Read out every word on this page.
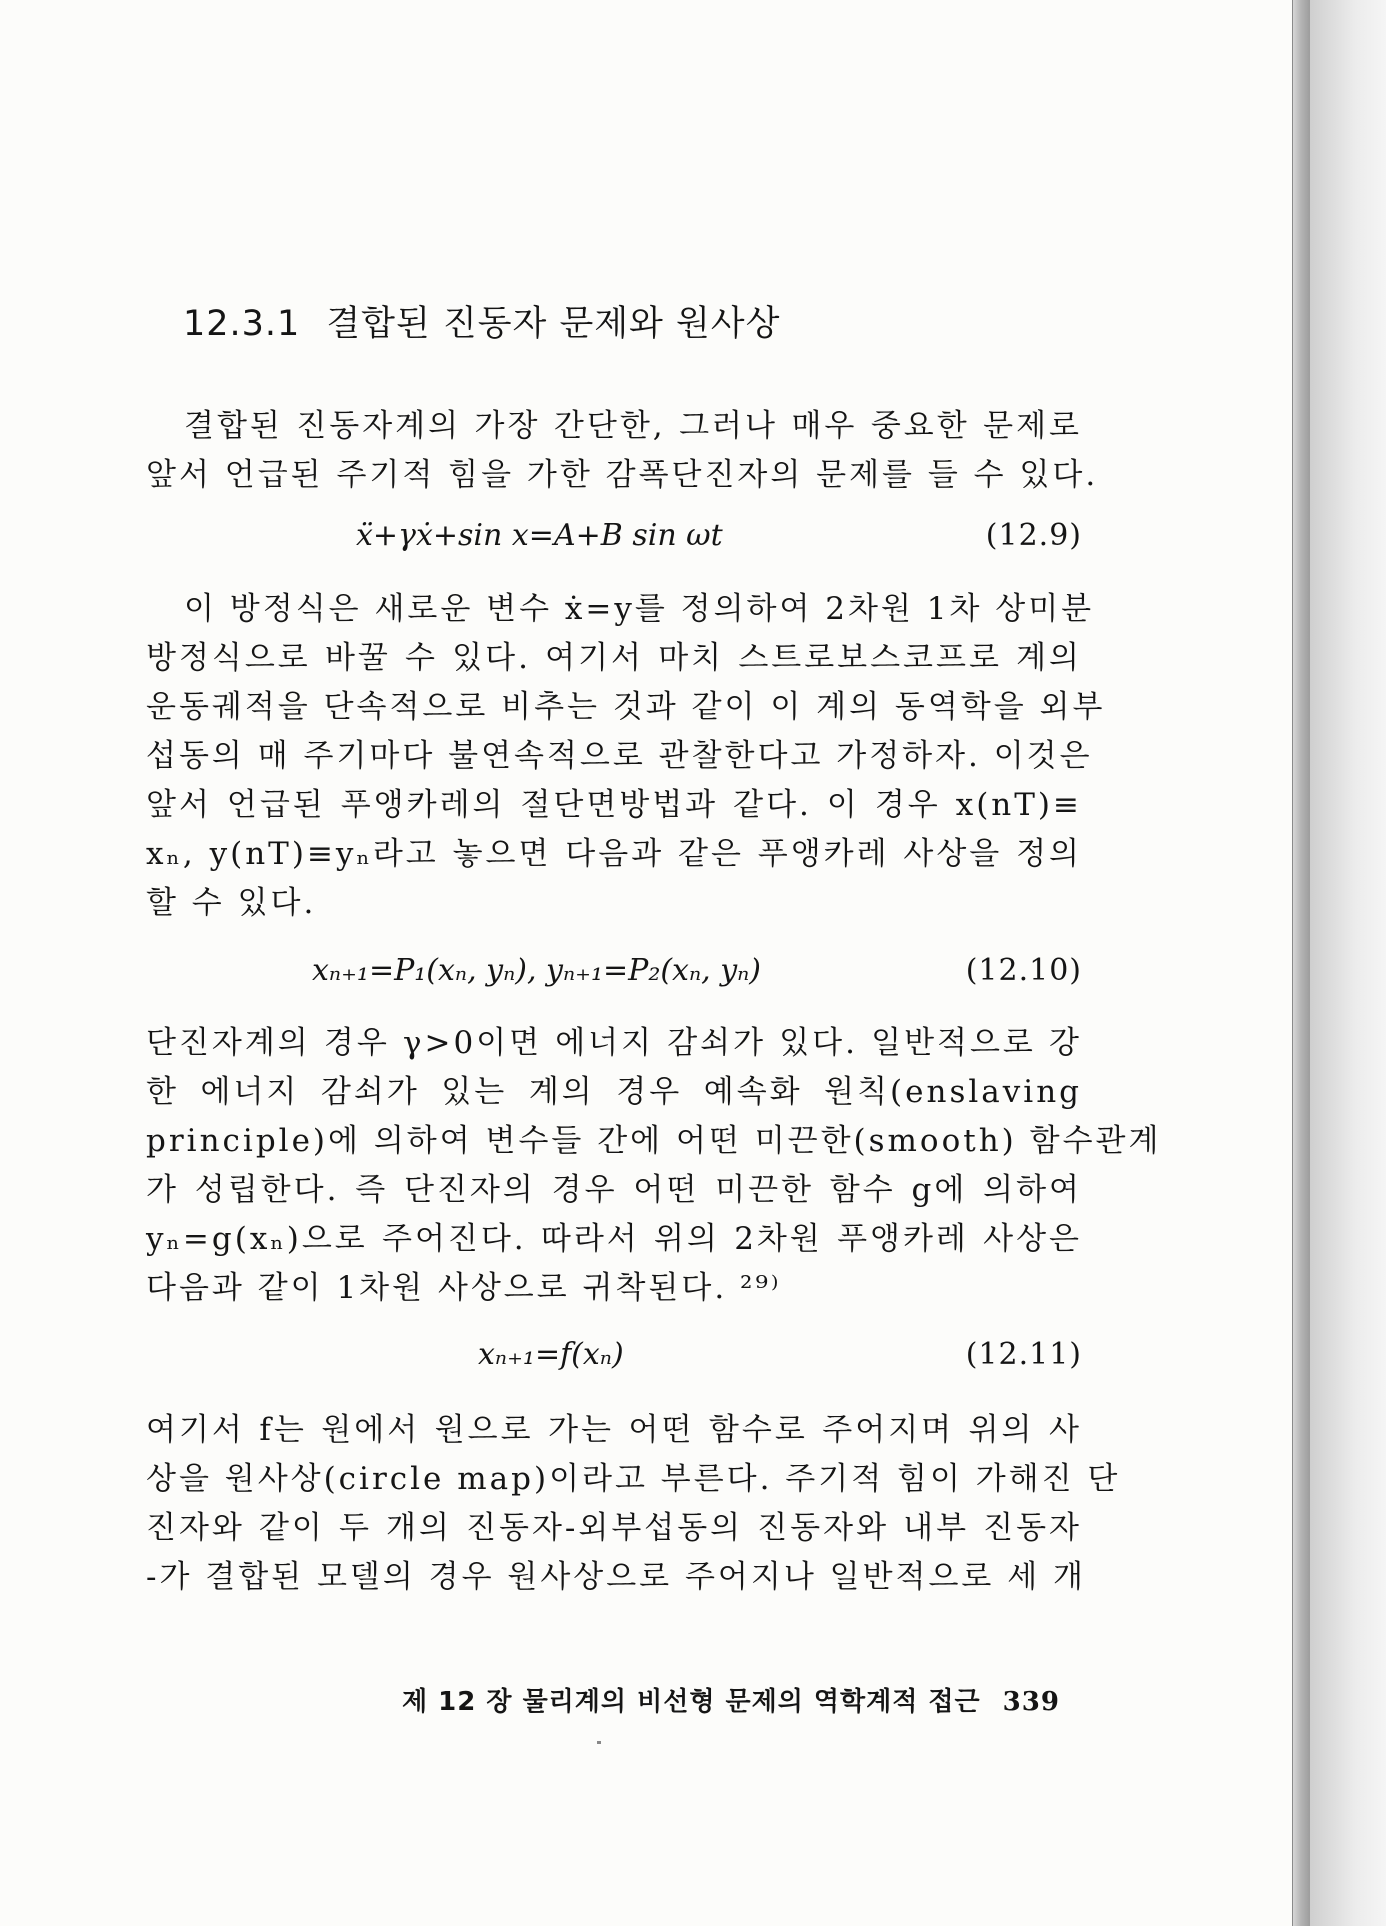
12.3.1 결합된 진동자 문제와 원사상
결합된 진동자계의 가장 간단한, 그러나 매우 중요한 문제로
앞서 언급된 주기적 힘을 가한 감폭단진자의 문제를 들 수 있다.
ẍ+γẋ+sin x=A+B sin ωt	(12.9)
이 방정식은 새로운 변수 ẋ=y를 정의하여 2차원 1차 상미분
방정식으로 바꿀 수 있다. 여기서 마치 스트로보스코프로 계의
운동궤적을 단속적으로 비추는 것과 같이 이 계의 동역학을 외부
섭동의 매 주기마다 불연속적으로 관찰한다고 가정하자. 이것은
앞서 언급된 푸앵카레의 절단면방법과 같다. 이 경우 x(nT)≡
xₙ, y(nT)≡yₙ라고 놓으면 다음과 같은 푸앵카레 사상을 정의
할 수 있다.
xₙ₊₁=P₁(xₙ, yₙ), yₙ₊₁=P₂(xₙ, yₙ)	(12.10)
단진자계의 경우 γ>0이면 에너지 감쇠가 있다. 일반적으로 강
한 에너지 감쇠가 있는 계의 경우 예속화 원칙(enslaving
principle)에 의하여 변수들 간에 어떤 미끈한(smooth) 함수관계
가 성립한다. 즉 단진자의 경우 어떤 미끈한 함수 g에 의하여
yₙ=g(xₙ)으로 주어진다. 따라서 위의 2차원 푸앵카레 사상은
다음과 같이 1차원 사상으로 귀착된다. ²⁹⁾
xₙ₊₁=f(xₙ)	(12.11)
여기서 f는 원에서 원으로 가는 어떤 함수로 주어지며 위의 사
상을 원사상(circle map)이라고 부른다. 주기적 힘이 가해진 단
진자와 같이 두 개의 진동자-외부섭동의 진동자와 내부 진동자
-가 결합된 모델의 경우 원사상으로 주어지나 일반적으로 세 개
제 12 장 물리계의 비선형 문제의 역학계적 접근 339
